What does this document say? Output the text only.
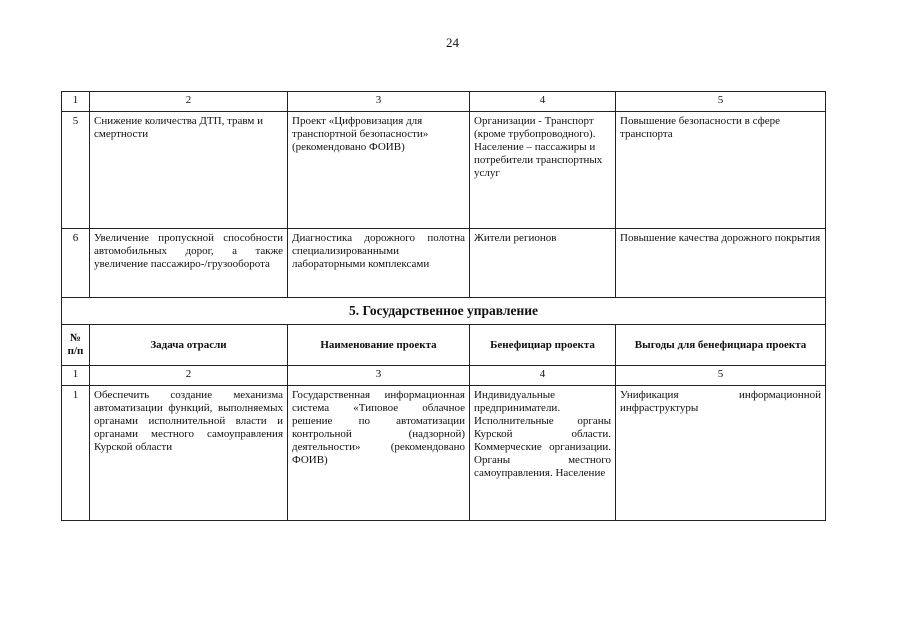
24
1	2	3	4	5
5	Снижение количества ДТП, травм и смертности	Проект «Цифровизация для транспортной безопасности» (рекомендовано ФОИВ)	Организации - Транспорт (кроме трубопроводного). Население – пассажиры и потребители транспортных услуг	Повышение безопасности в сфере транспорта
6	Увеличение пропускной способности автомобильных дорог, а также увеличение пассажиро-/грузооборота	Диагностика дорожного полотна специализированными лабораторными комплексами	Жители регионов	Повышение качества дорожного покрытия
5. Государственное управление				
№ п/п	Задача отрасли	Наименование проекта	Бенефициар проекта	Выгоды для бенефициара проекта
1	2	3	4	5
1	Обеспечить создание механизма автоматизации функций, выполняемых органами исполнительной власти и органами местного самоуправления Курской области	Государственная информационная система «Типовое облачное решение по автоматизации контрольной (надзорной) деятельности» (рекомендовано ФОИВ)	Индивидуальные предприниматели. Исполнительные органы Курской области. Коммерческие организации. Органы местного самоуправления. Население	Унификация информационной инфраструктуры
